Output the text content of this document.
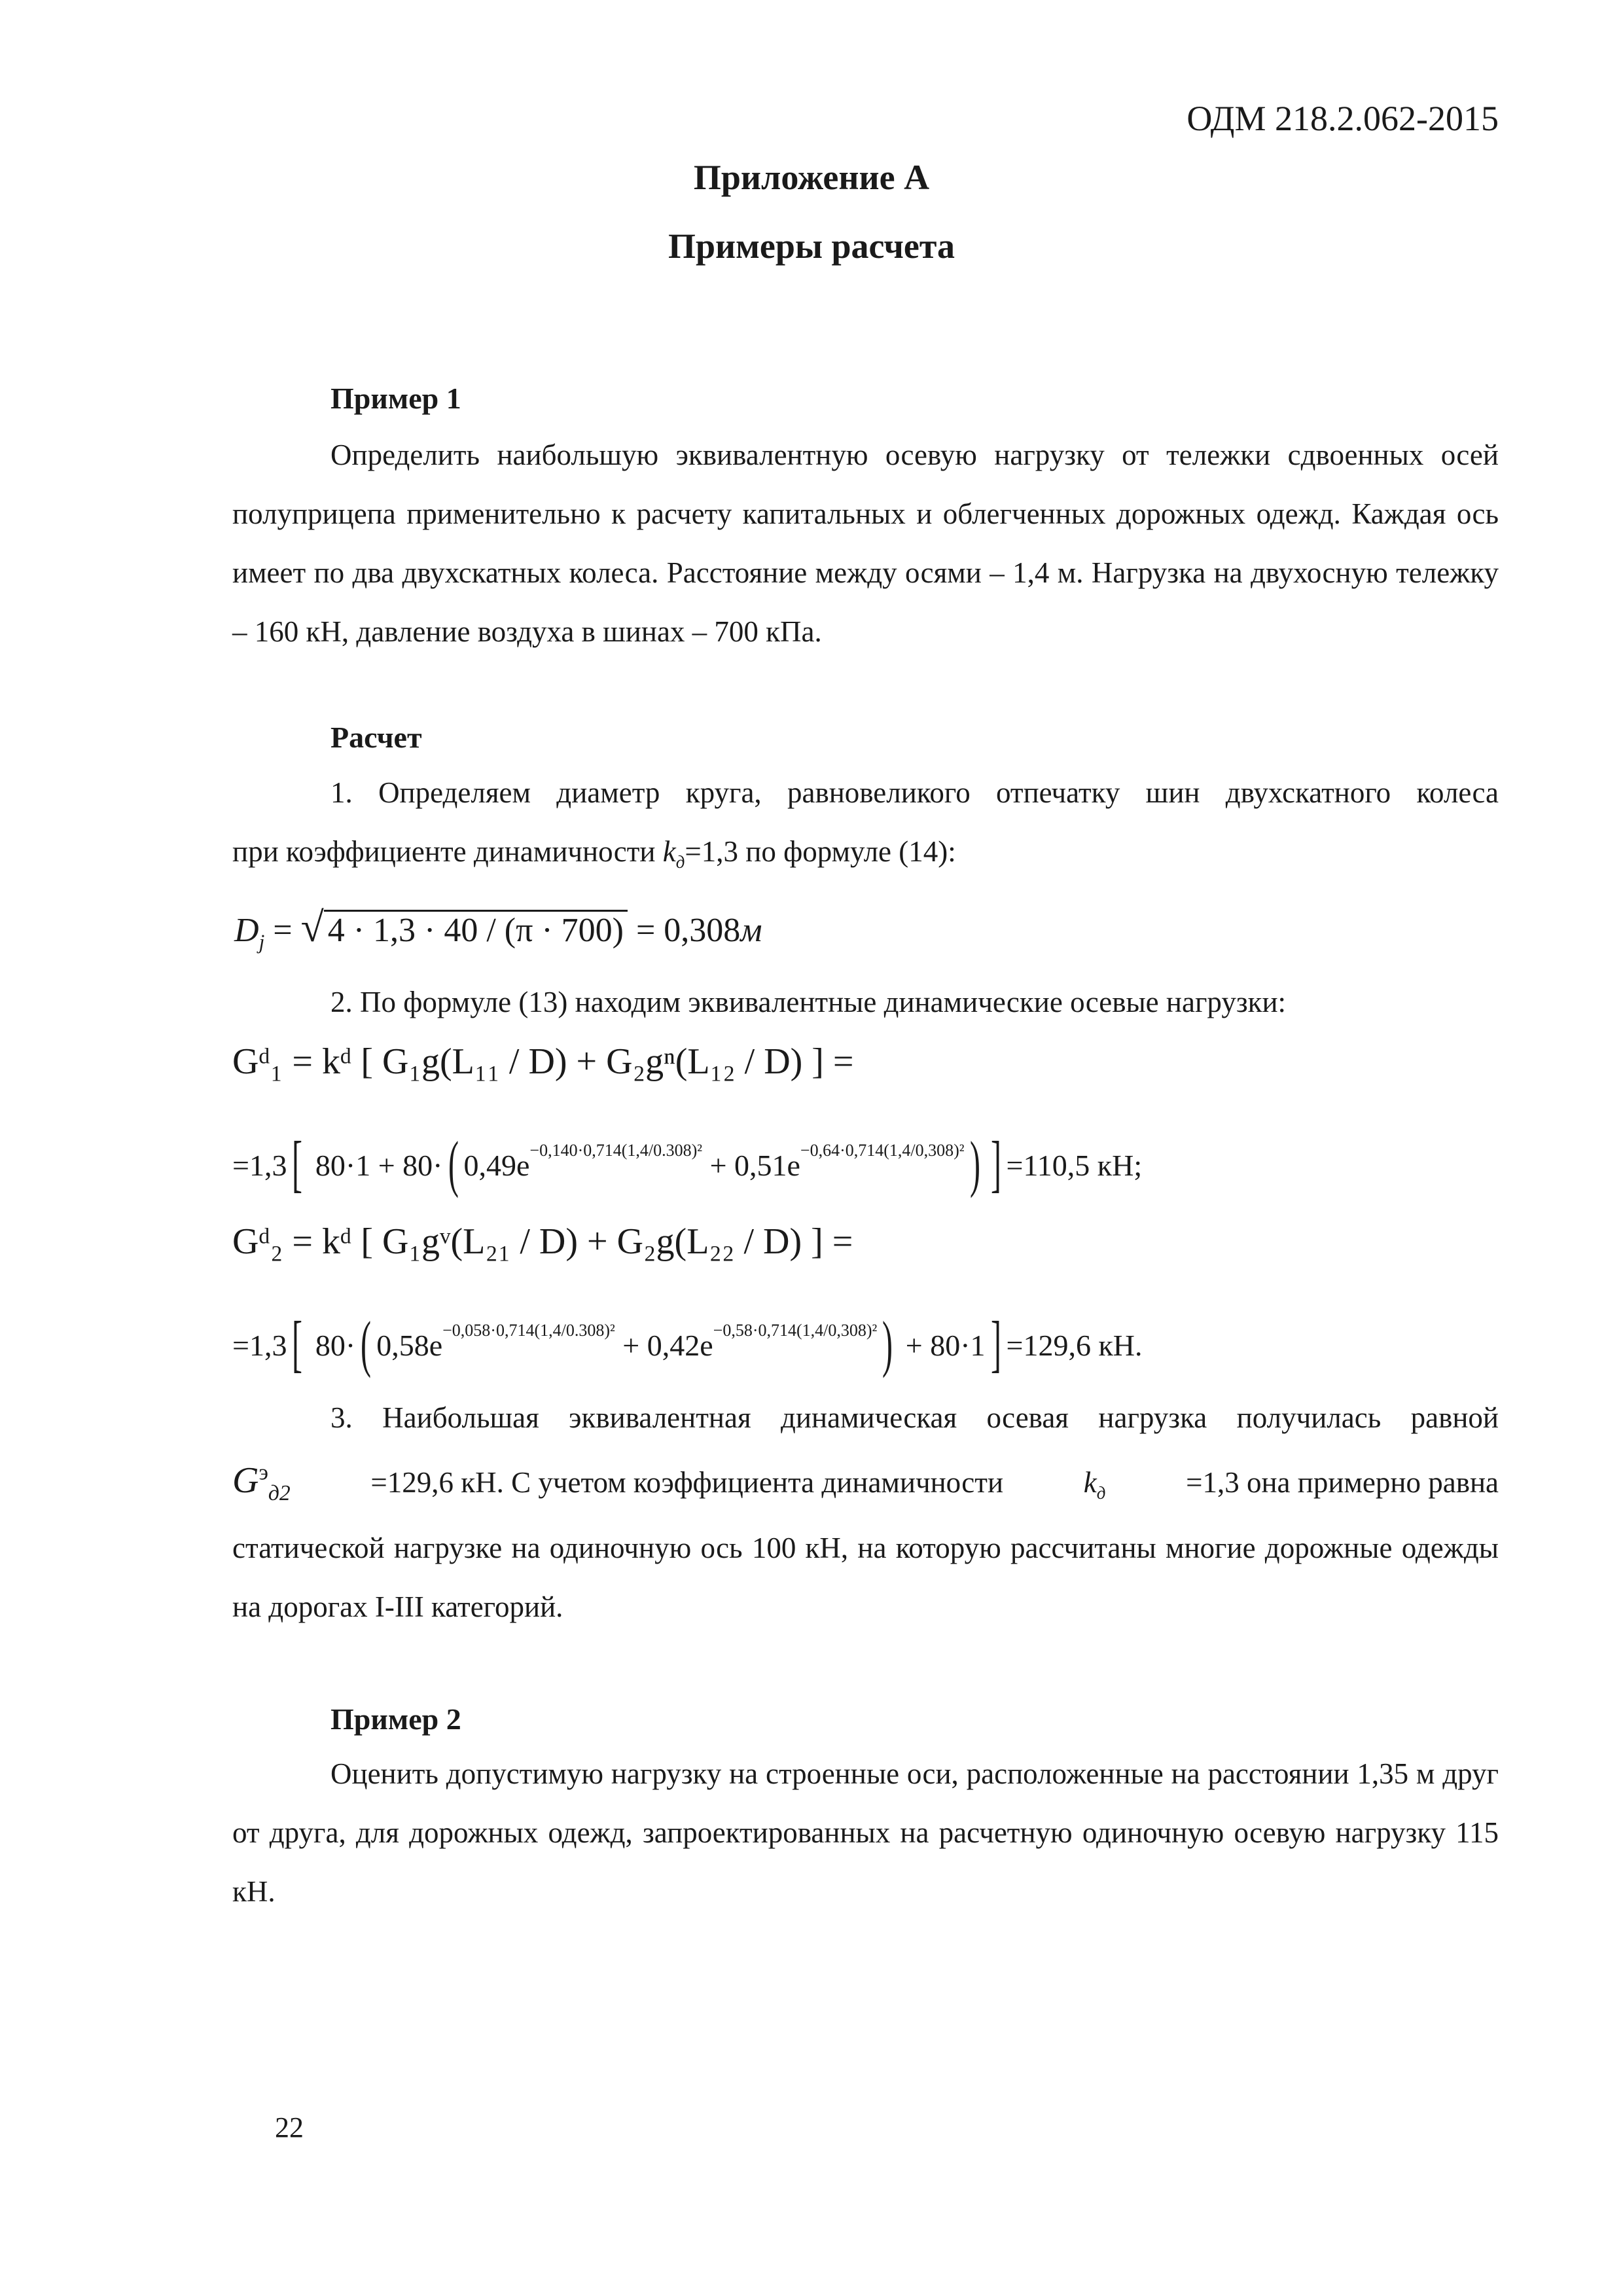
ОДМ 218.2.062-2015
Приложение А
Примеры расчета
Пример 1

Определить наибольшую эквивалентную осевую нагрузку от тележки сдвоенных осей полуприцепа применительно к расчету капитальных и облегченных дорожных одежд. Каждая ось имеет по два двухскатных колеса. Расстояние между осями – 1,4 м. Нагрузка на двухосную тележку – 160 кН, давление воздуха в шинах – 700 кПа.

Расчет
1. Определяем диаметр круга, равновеликого отпечатку шин двухскатного колеса
при коэффициенте динамичности $k_д=1,3$ по формуле (14):
$D_j$ = √ 4 · 1,3 · 40 / (π · 700) = 0,308м
2. По формуле (13) находим эквивалентные динамические осевые нагрузки:
Gᵈ₁ = kᵈ [ G₁g(L₁₁ / D) + G₂gⁿ(L₁₂ / D) ] =
=1,3[ 80·1 + 80·( $0,49e^{-0,140\cdot 0,714(1,4/0.308)^2} + 0,51e^{-0,64\cdot 0,714(1,4/0,308)^2}$) ] =110,5 кН;
Gᵈ₂ = kᵈ [ G₁gᵛ(L₂₁ / D) + G₂g(L₂₂ / D) ] =
=1,3[ 80·( $0,58e^{-0,058\cdot 0,714(1,4/0.308)^2} + 0,42e^{-0,58\cdot 0,714(1,4/0,308)^2}) + 80\cdot 1] =129,6$ кН.
3. Наибольшая эквивалентная динамическая осевая нагрузка получилась равной
$G^э_{д2}$	=129,6 кН. С учетом коэффициента динамичности	$k_д$	=1,3 она примерно равна

статической нагрузке на одиночную ось 100 кН, на которую рассчитаны многие дорожные одежды на дорогах I-III категорий.

Пример 2

Оценить допустимую нагрузку на строенные оси, расположенные на расстоянии 1,35 м друг от друга, для дорожных одежд, запроектированных на расчетную одиночную осевую нагрузку 115 кН.

22
